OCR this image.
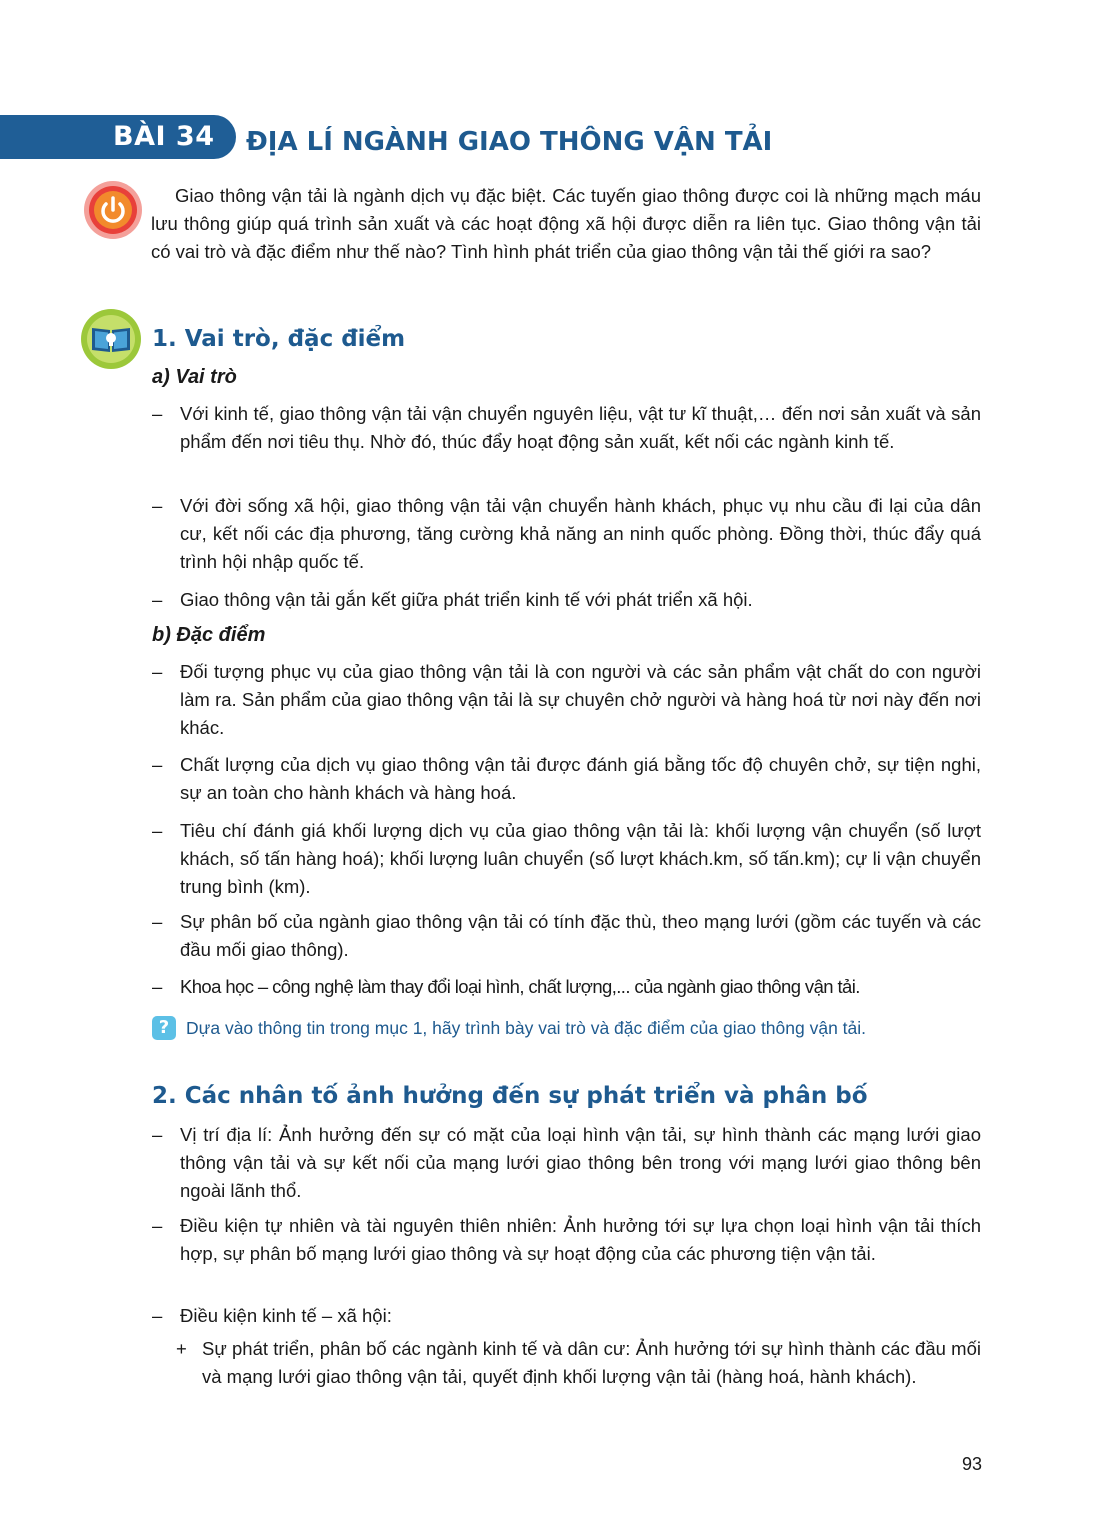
BÀI 34 ĐỊA LÍ NGÀNH GIAO THÔNG VẬN TẢI

Giao thông vận tải là ngành dịch vụ đặc biệt. Các tuyến giao thông được coi là những mạch máu lưu thông giúp quá trình sản xuất và các hoạt động xã hội được diễn ra liên tục. Giao thông vận tải có vai trò và đặc điểm như thế nào? Tình hình phát triển của giao thông vận tải thế giới ra sao?

1. Vai trò, đặc điểm
a) Vai trò
– Với kinh tế, giao thông vận tải vận chuyển nguyên liệu, vật tư kĩ thuật,… đến nơi sản xuất và sản phẩm đến nơi tiêu thụ. Nhờ đó, thúc đẩy hoạt động sản xuất, kết nối các ngành kinh tế.
– Với đời sống xã hội, giao thông vận tải vận chuyển hành khách, phục vụ nhu cầu đi lại của dân cư, kết nối các địa phương, tăng cường khả năng an ninh quốc phòng. Đồng thời, thúc đẩy quá trình hội nhập quốc tế.
– Giao thông vận tải gắn kết giữa phát triển kinh tế với phát triển xã hội.
b) Đặc điểm
– Đối tượng phục vụ của giao thông vận tải là con người và các sản phẩm vật chất do con người làm ra. Sản phẩm của giao thông vận tải là sự chuyên chở người và hàng hoá từ nơi này đến nơi khác.
– Chất lượng của dịch vụ giao thông vận tải được đánh giá bằng tốc độ chuyên chở, sự tiện nghi, sự an toàn cho hành khách và hàng hoá.
– Tiêu chí đánh giá khối lượng dịch vụ của giao thông vận tải là: khối lượng vận chuyển (số lượt khách, số tấn hàng hoá); khối lượng luân chuyển (số lượt khách.km, số tấn.km); cự li vận chuyển trung bình (km).
– Sự phân bố của ngành giao thông vận tải có tính đặc thù, theo mạng lưới (gồm các tuyến và các đầu mối giao thông).
– Khoa học – công nghệ làm thay đổi loại hình, chất lượng,... của ngành giao thông vận tải.
? Dựa vào thông tin trong mục 1, hãy trình bày vai trò và đặc điểm của giao thông vận tải.
2. Các nhân tố ảnh hưởng đến sự phát triển và phân bố
– Vị trí địa lí: Ảnh hưởng đến sự có mặt của loại hình vận tải, sự hình thành các mạng lưới giao thông vận tải và sự kết nối của mạng lưới giao thông bên trong với mạng lưới giao thông bên ngoài lãnh thổ.
– Điều kiện tự nhiên và tài nguyên thiên nhiên: Ảnh hưởng tới sự lựa chọn loại hình vận tải thích hợp, sự phân bố mạng lưới giao thông và sự hoạt động của các phương tiện vận tải.
– Điều kiện kinh tế – xã hội:
+ Sự phát triển, phân bố các ngành kinh tế và dân cư: Ảnh hưởng tới sự hình thành các đầu mối và mạng lưới giao thông vận tải, quyết định khối lượng vận tải (hàng hoá, hành khách).
93
